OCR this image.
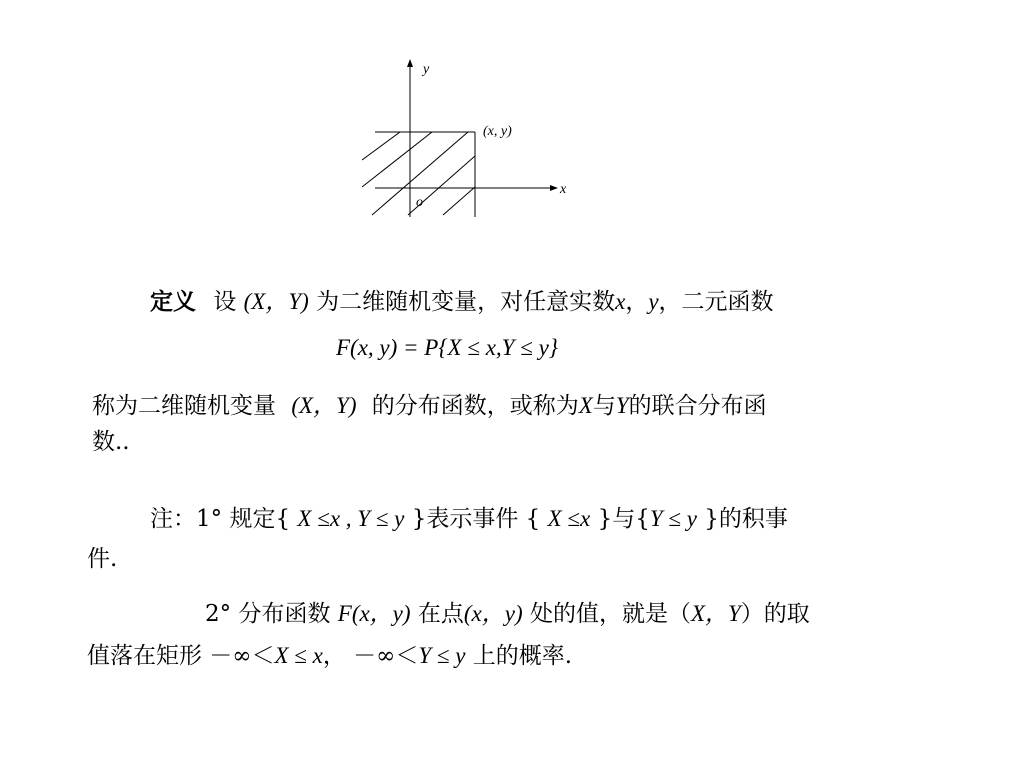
y
x
o
(x, y)
定义 设 (X，Y) 为二维随机变量，对任意实数x，y，二元函数
F(x, y) = P{X ≤ x,Y ≤ y}
称为二维随机变量 (X，Y) 的分布函数，或称为X与Y的联合分布函
数..
注：1° 规定{ X ≤x , Y ≤ y }表示事件 { X ≤x }与{Y ≤ y }的积事
件.
2° 分布函数 F(x，y) 在点(x，y) 处的值，就是（X，Y）的取
值落在矩形 －∞＜X ≤ x， －∞＜Y ≤ y 上的概率.
